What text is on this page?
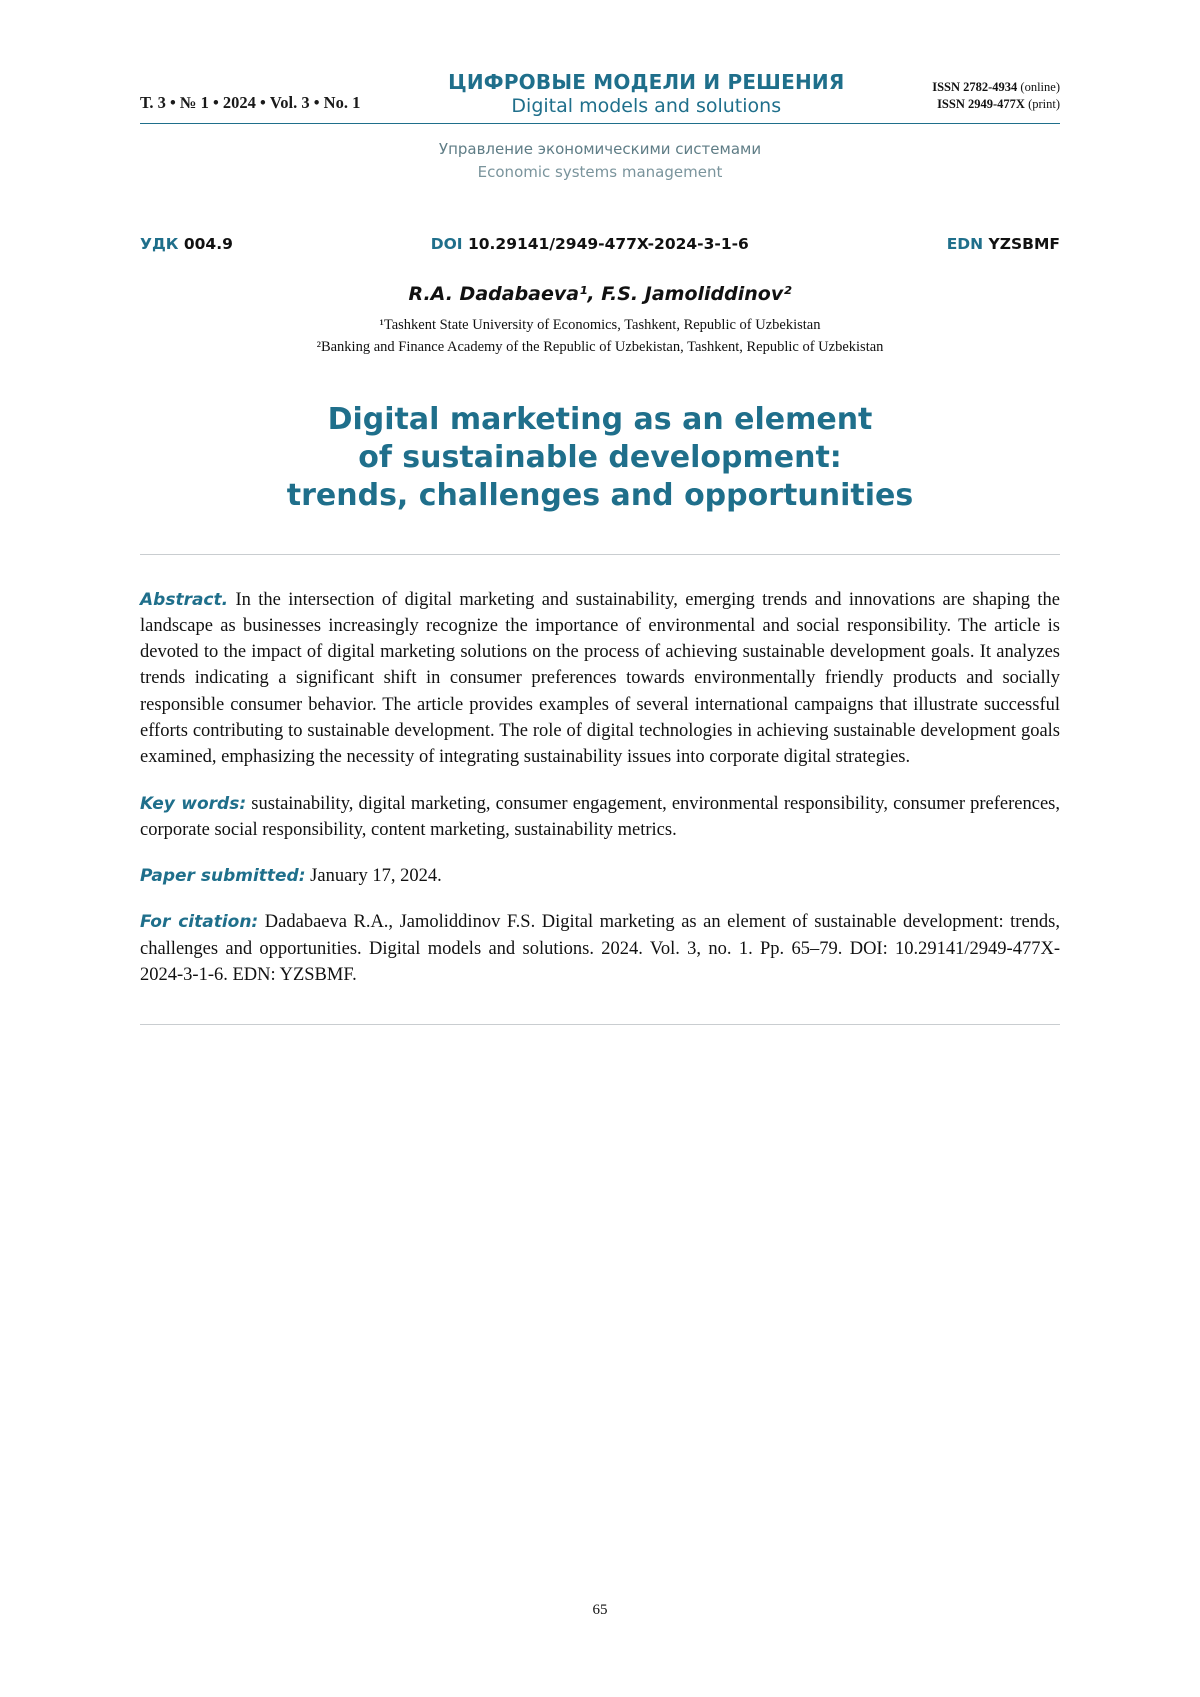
Т. 3 • № 1 • 2024 • Vol. 3 • No. 1
ЦИФРОВЫЕ МОДЕЛИ И РЕШЕНИЯ
Digital models and solutions
ISSN 2782-4934 (online)
ISSN 2949-477X (print)
Управление экономическими системами
Economic systems management
УДК 004.9	DOI 10.29141/2949-477X-2024-3-1-6	EDN YZSBMF
R.A. Dadabaeva¹, F.S. Jamoliddinov²
¹Tashkent State University of Economics, Tashkent, Republic of Uzbekistan
²Banking and Finance Academy of the Republic of Uzbekistan, Tashkent, Republic of Uzbekistan
Digital marketing as an element
of sustainable development:
trends, challenges and opportunities
Abstract. In the intersection of digital marketing and sustainability, emerging trends and innovations are shaping the landscape as businesses increasingly recognize the importance of environmental and social responsibility. The article is devoted to the impact of digital marketing solutions on the process of achieving sustainable development goals. It analyzes trends indicating a significant shift in consumer preferences towards environmentally friendly products and socially responsible consumer behavior. The article provides examples of several international campaigns that illustrate successful efforts contributing to sustainable development. The role of digital technologies in achieving sustainable development goals examined, emphasizing the necessity of integrating sustainability issues into corporate digital strategies.
Key words: sustainability, digital marketing, consumer engagement, environmental responsibility, consumer preferences, corporate social responsibility, content marketing, sustainability metrics.
Paper submitted: January 17, 2024.
For citation: Dadabaeva R.A., Jamoliddinov F.S. Digital marketing as an element of sustainable development: trends, challenges and opportunities. Digital models and solutions. 2024. Vol. 3, no. 1. Pp. 65–79. DOI: 10.29141/2949-477X-2024-3-1-6. EDN: YZSBMF.
65
